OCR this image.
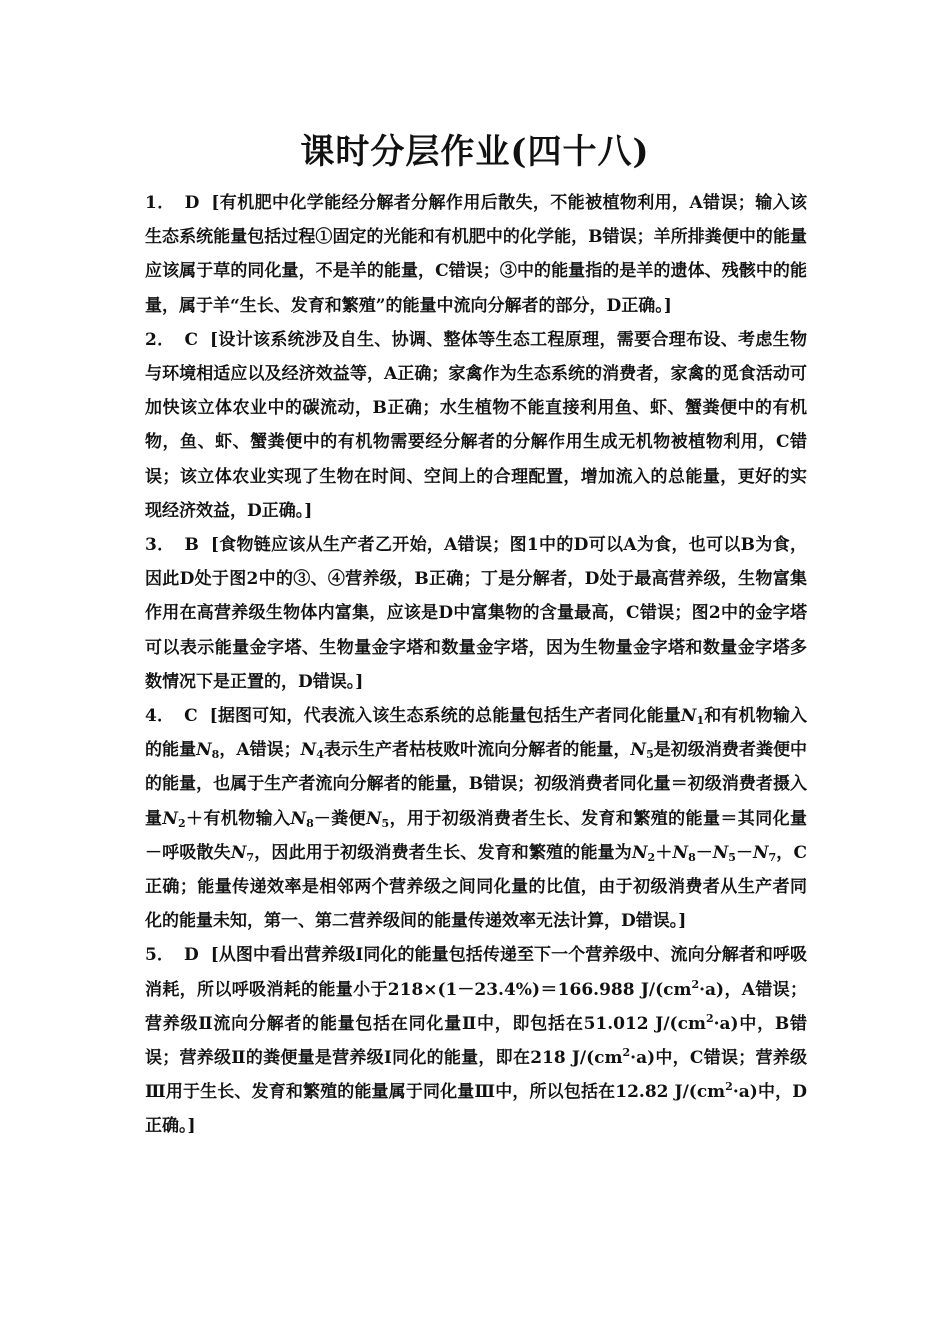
课时分层作业(四十八)

1． D [有机肥中化学能经分解者分解作用后散失，不能被植物利用，A错误；输入该生态系统能量包括过程①固定的光能和有机肥中的化学能，B错误；羊所排粪便中的能量应该属于草的同化量，不是羊的能量，C错误；③中的能量指的是羊的遗体、残骸中的能量，属于羊“生长、发育和繁殖”的能量中流向分解者的部分，D正确。]

2． C [设计该系统涉及自生、协调、整体等生态工程原理，需要合理布设、考虑生物与环境相适应以及经济效益等，A正确；家禽作为生态系统的消费者，家禽的觅食活动可加快该立体农业中的碳流动，B正确；水生植物不能直接利用鱼、虾、蟹粪便中的有机物，鱼、虾、蟹粪便中的有机物需要经分解者的分解作用生成无机物被植物利用，C错误；该立体农业实现了生物在时间、空间上的合理配置，增加流入的总能量，更好的实现经济效益，D正确。]

3． B [食物链应该从生产者乙开始，A错误；图1中的D可以A为食，也可以B为食，因此D处于图2中的③、④营养级，B正确；丁是分解者，D处于最高营养级，生物富集作用在高营养级生物体内富集，应该是D中富集物的含量最高，C错误；图2中的金字塔可以表示能量金字塔、生物量金字塔和数量金字塔，因为生物量金字塔和数量金字塔多数情况下是正置的，D错误。]

4． C [据图可知，代表流入该生态系统的总能量包括生产者同化能量$N_1$和有机物输入的能量$N_8$，A错误；$N_4$表示生产者枯枝败叶流向分解者的能量，$N_5$是初级消费者粪便中的能量，也属于生产者流向分解者的能量，B错误；初级消费者同化量＝初级消费者摄入量$N_2+$有机物输入$N_8-$粪便$N_5$，用于初级消费者生长、发育和繁殖的能量＝其同化量－呼吸散失$N_7$，因此用于初级消费者生长、发育和繁殖的能量为$N_2+N_8-N_5-N_7$，C正确；能量传递效率是相邻两个营养级之间同化量的比值，由于初级消费者从生产者同化的能量未知，第一、第二营养级间的能量传递效率无法计算，D错误。]

5． D [从图中看出营养级Ⅰ同化的能量包括传递至下一个营养级中、流向分解者和呼吸消耗，所以呼吸消耗的能量小于218×(1－23.4%)＝166.988 $J/(cm^2\cdot a)$，A错误；营养级Ⅱ流向分解者的能量包括在同化量Ⅱ中，即包括在51.012 $J/(cm^2\cdot a)$中，B错误；营养级Ⅱ的粪便量是营养级Ⅰ同化的能量，即在218 $J/(cm^2\cdot a)$中，C错误；营养级Ⅲ用于生长、发育和繁殖的能量属于同化量Ⅲ中，所以包括在12.82 $J/(cm^2\cdot a)$中，D正确。]
